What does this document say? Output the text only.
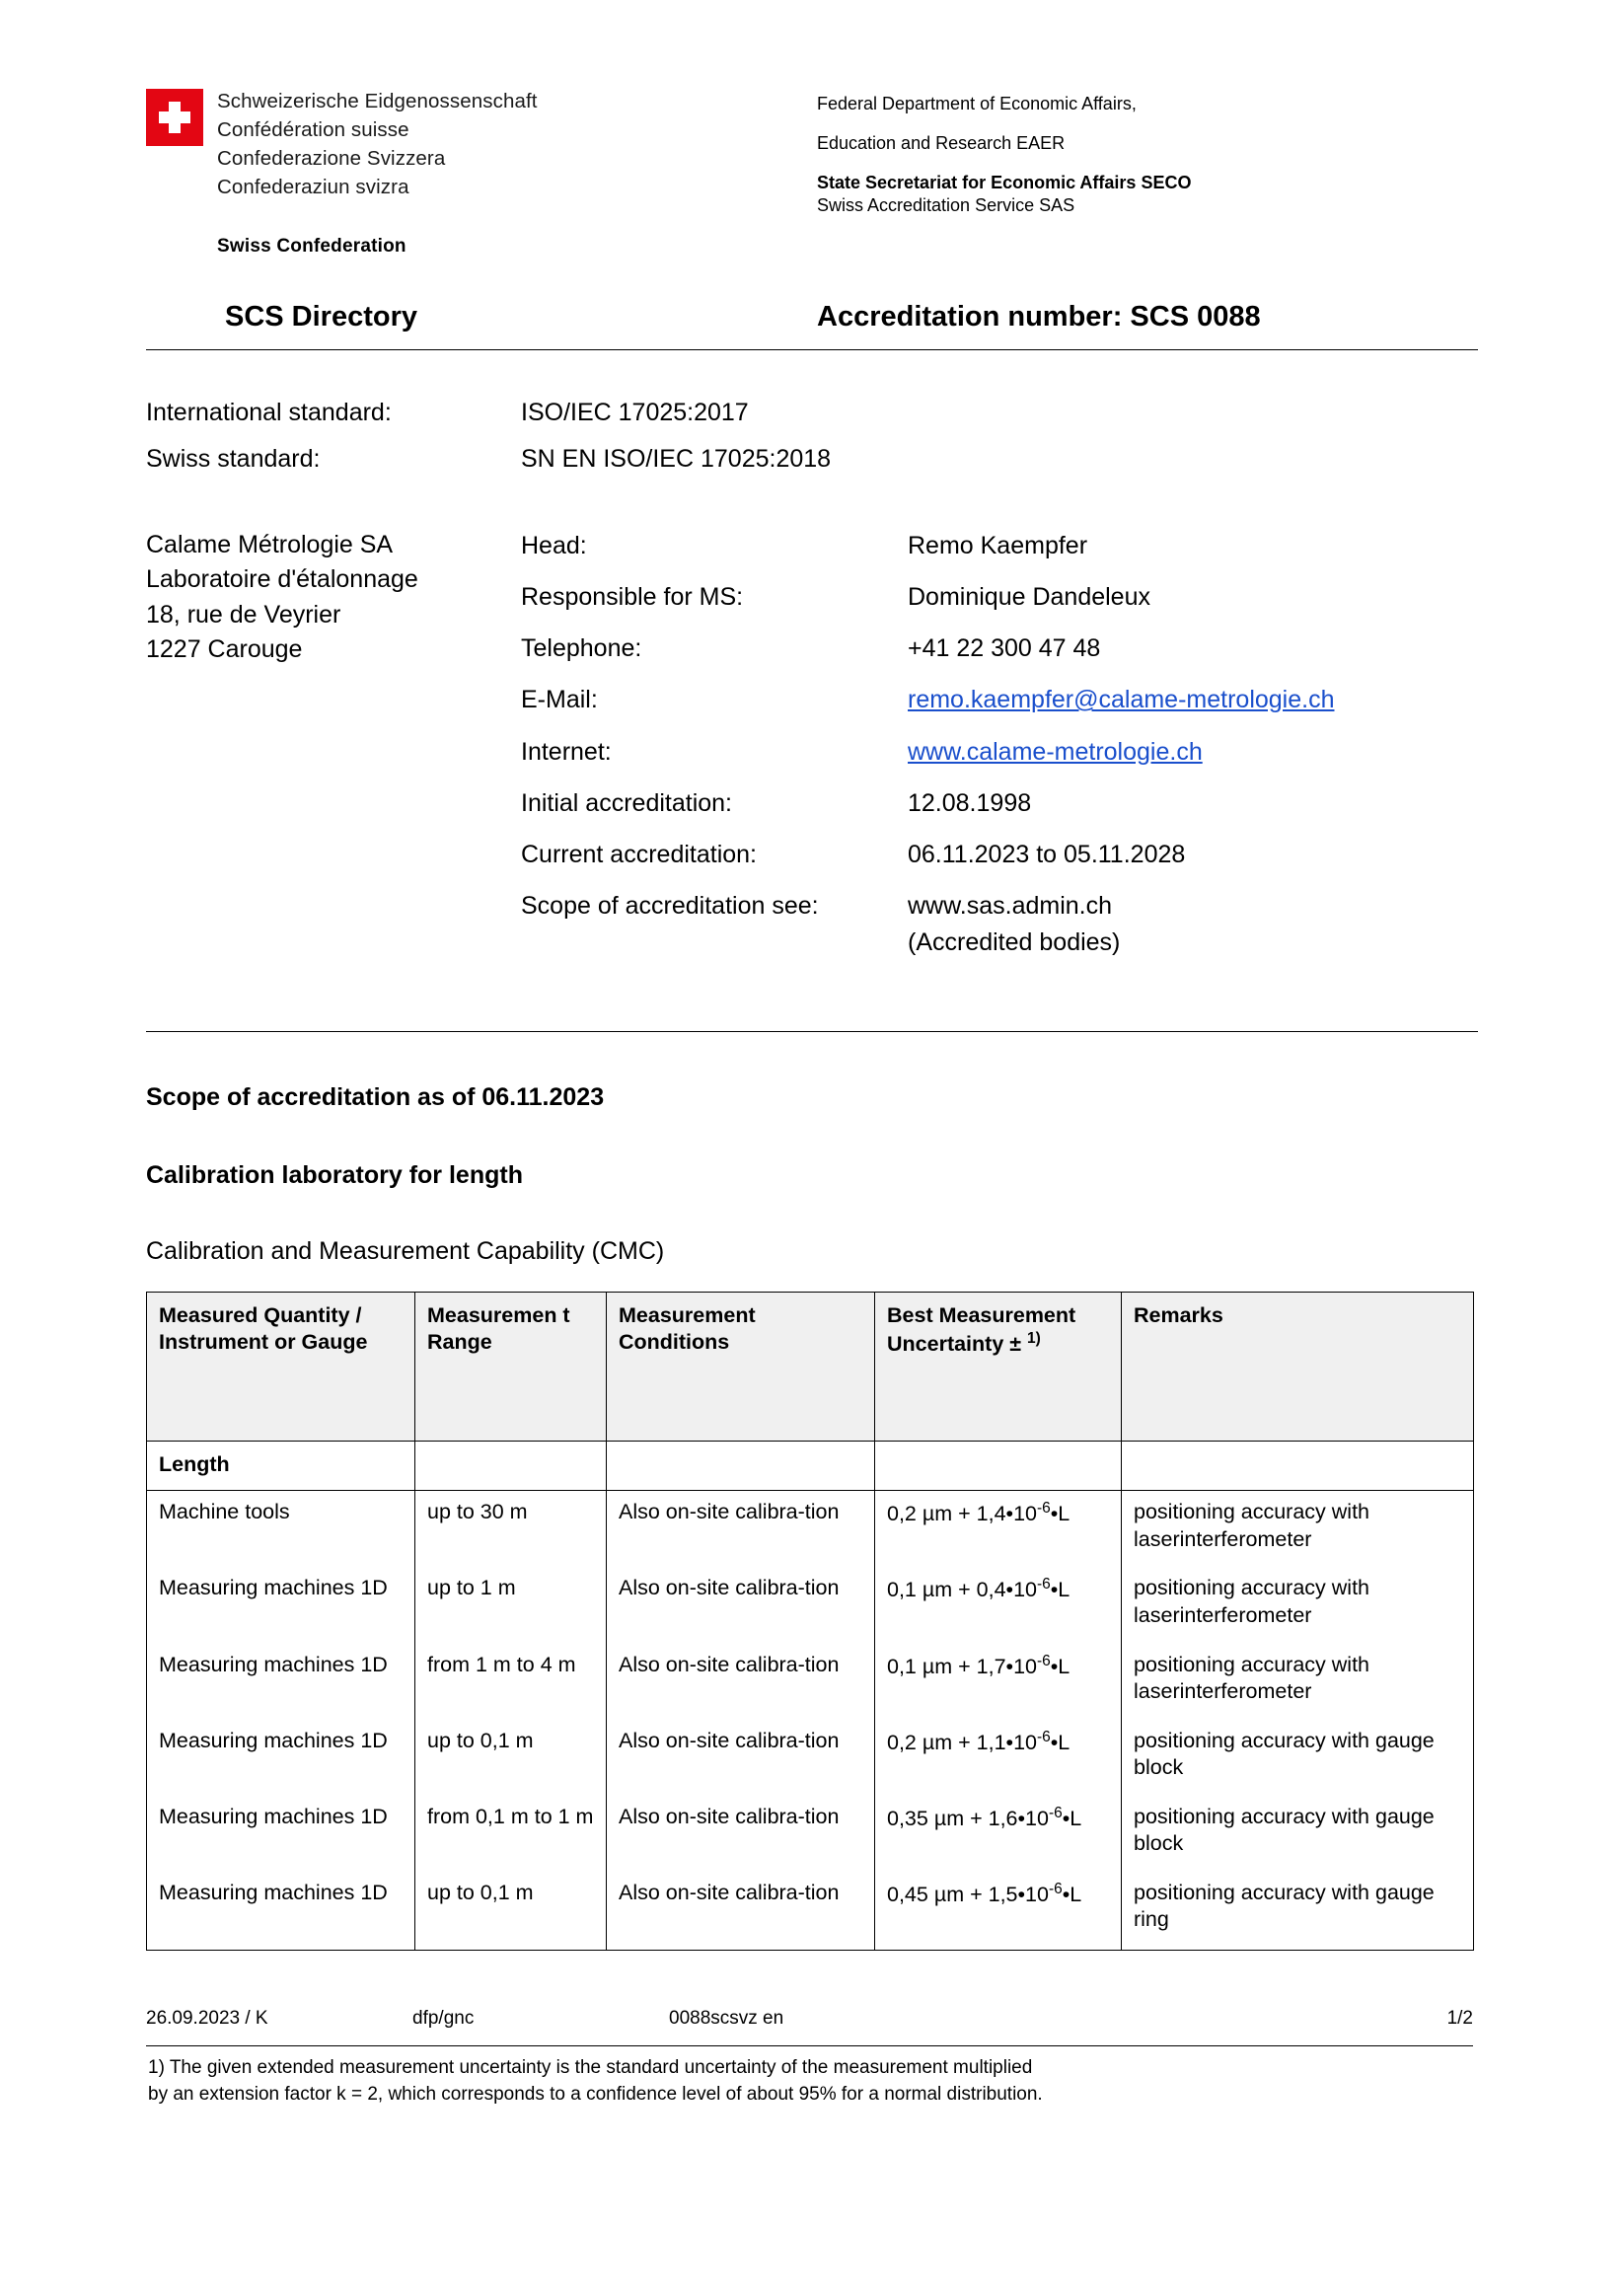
Schweizerische Eidgenossenschaft
Confédération suisse
Confederazione Svizzera
Confederaziun svizra
Federal Department of Economic Affairs,
Education and Research EAER
State Secretariat for Economic Affairs SECO
Swiss Accreditation Service SAS
Swiss Confederation
SCS Directory	Accreditation number: SCS 0088
International standard:	ISO/IEC 17025:2017
Swiss standard:	SN EN ISO/IEC 17025:2018
Calame Métrologie SA
Laboratoire d'étalonnage
18, rue de Veyrier
1227 Carouge
Head:	Remo Kaempfer
Responsible for MS:	Dominique Dandeleux
Telephone:	+41 22 300 47 48
E-Mail:	remo.kaempfer@calame-metrologie.ch
Internet:	www.calame-metrologie.ch
Initial accreditation:	12.08.1998
Current accreditation:	06.11.2023 to 05.11.2028
Scope of accreditation see:	www.sas.admin.ch
(Accredited bodies)
Scope of accreditation as of 06.11.2023
Calibration laboratory for length
Calibration and Measurement Capability (CMC)
Measured Quantity / Instrument or Gauge	Measuremen t Range	Measurement Conditions	Best Measurement Uncertainty ± $^{1)}$	Remarks
Length				
Machine tools	up to 30 m	Also on-site calibra-tion	0,2 $\mu m + 1,4•10^{-6}•L$	positioning accuracy with laserinterferometer
Measuring machines 1D	up to 1 m	Also on-site calibra-tion	0,1 $\mu m + 0,4•10^{-6}•L$	positioning accuracy with laserinterferometer
Measuring machines 1D	from 1 m to 4 m	Also on-site calibra-tion	0,1 $\mu m + 1,7•10^{-6}•L$	positioning accuracy with laserinterferometer
Measuring machines 1D	up to 0,1 m	Also on-site calibra-tion	0,2 $\mu m + 1,1•10^{-6}•L$	positioning accuracy with gauge block
Measuring machines 1D	from 0,1 m to 1 m	Also on-site calibra-tion	0,35 $\mu m + 1,6•10^{-6}•L$	positioning accuracy with gauge block
Measuring machines 1D	up to 0,1 m	Also on-site calibra-tion	0,45 $\mu m + 1,5•10^{-6}•L$	positioning accuracy with gauge ring
26.09.2023 / K	dfp/gnc	0088scsvz en	1/2
1) The given extended measurement uncertainty is the standard uncertainty of the measurement multiplied
by an extension factor k = 2, which corresponds to a confidence level of about 95% for a normal distribution.
